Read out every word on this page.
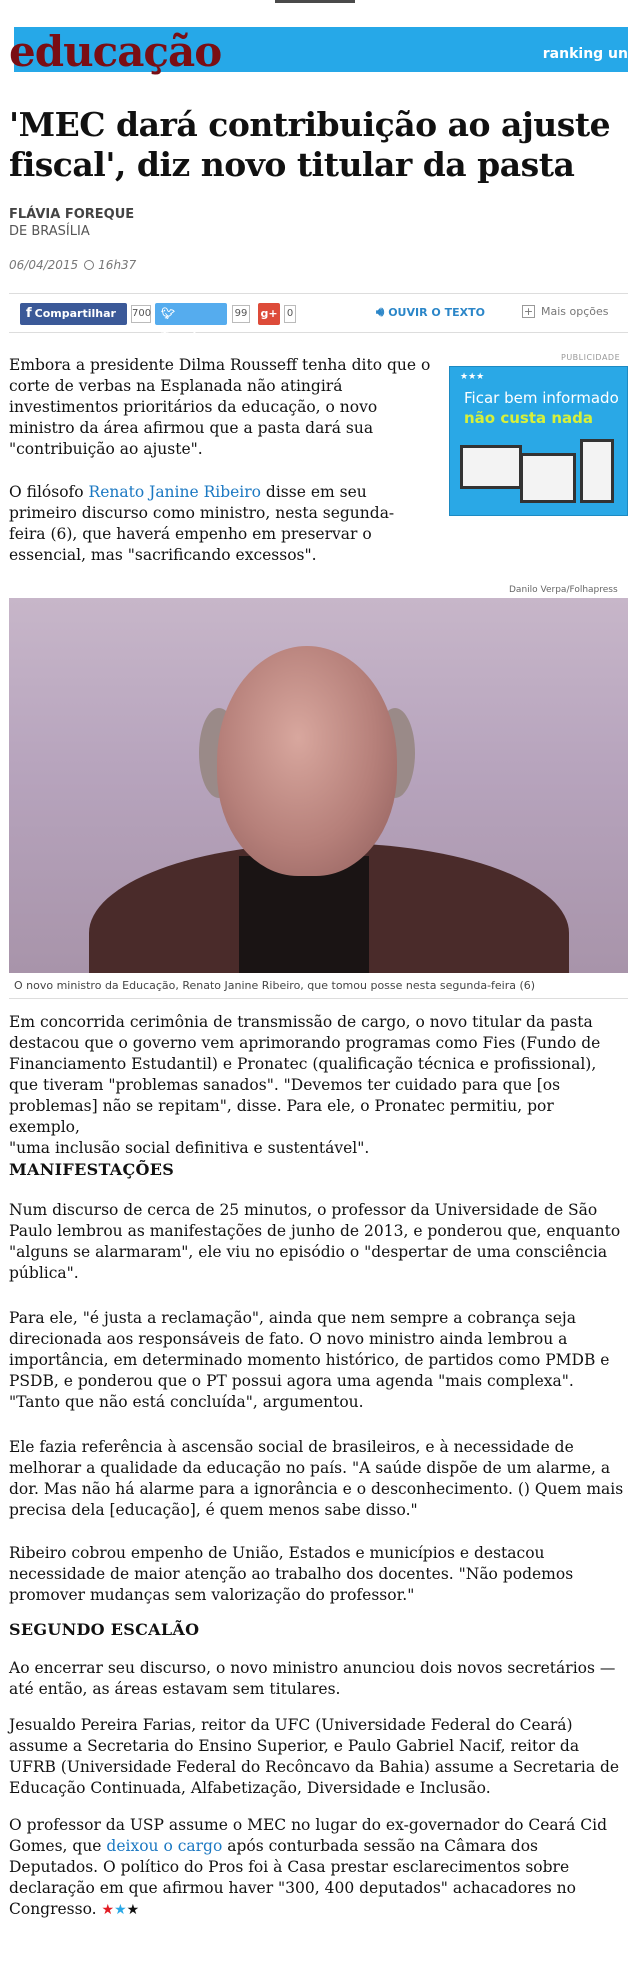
educação	ranking un
'MEC dará contribuição ao ajuste fiscal', diz novo titular da pasta
FLÁVIA FOREQUE
DE BRASÍLIA
06/04/2015 16h37
f Compartilhar	700 🐦︎ Tweetar
99 g+ 0	🔊︎ OUVIR O TEXTO	+ Mais opções
PUBLICIDADE
★★★
Ficar bem informado
não custa nada
Embora a presidente Dilma Rousseff tenha dito que o
corte de verbas na Esplanada não atingirá
investimentos prioritários da educação, o novo
ministro da área afirmou que a pasta dará sua
"contribuição ao ajuste".
O filósofo Renato Janine Ribeiro disse em seu
primeiro discurso como ministro, nesta segunda-
feira (6), que haverá empenho em preservar o
essencial, mas "sacrificando excessos".
Danilo Verpa/Folhapress
O novo ministro da Educação, Renato Janine Ribeiro, que tomou posse nesta segunda-feira (6)
Em concorrida cerimônia de transmissão de cargo, o novo titular da pasta
destacou que o governo vem aprimorando programas como Fies (Fundo de
Financiamento Estudantil) e Pronatec (qualificação técnica e profissional),
que tiveram "problemas sanados". "Devemos ter cuidado para que [os
problemas] não se repitam", disse. Para ele, o Pronatec permitiu, por exemplo,
"uma inclusão social definitiva e sustentável".
MANIFESTAÇÕES
Num discurso de cerca de 25 minutos, o professor da Universidade de São
Paulo lembrou as manifestações de junho de 2013, e ponderou que, enquanto
"alguns se alarmaram", ele viu no episódio o "despertar de uma consciência
pública".
Para ele, "é justa a reclamação", ainda que nem sempre a cobrança seja
direcionada aos responsáveis de fato. O novo ministro ainda lembrou a
importância, em determinado momento histórico, de partidos como PMDB e
PSDB, e ponderou que o PT possui agora uma agenda "mais complexa".
"Tanto que não está concluída", argumentou.
Ele fazia referência à ascensão social de brasileiros, e à necessidade de
melhorar a qualidade da educação no país. "A saúde dispõe de um alarme, a
dor. Mas não há alarme para a ignorância e o desconhecimento. () Quem mais
precisa dela [educação], é quem menos sabe disso."
Ribeiro cobrou empenho de União, Estados e municípios e destacou
necessidade de maior atenção ao trabalho dos docentes. "Não podemos
promover mudanças sem valorização do professor."
SEGUNDO ESCALÃO
Ao encerrar seu discurso, o novo ministro anunciou dois novos secretários —
até então, as áreas estavam sem titulares.
Jesualdo Pereira Farias, reitor da UFC (Universidade Federal do Ceará)
assume a Secretaria do Ensino Superior, e Paulo Gabriel Nacif, reitor da
UFRB (Universidade Federal do Recôncavo da Bahia) assume a Secretaria de
Educação Continuada, Alfabetização, Diversidade e Inclusão.
O professor da USP assume o MEC no lugar do ex-governador do Ceará Cid
Gomes, que deixou o cargo após conturbada sessão na Câmara dos
Deputados. O político do Pros foi à Casa prestar esclarecimentos sobre
declaração em que afirmou haver "300, 400 deputados" achacadores no
Congresso. ★★★
